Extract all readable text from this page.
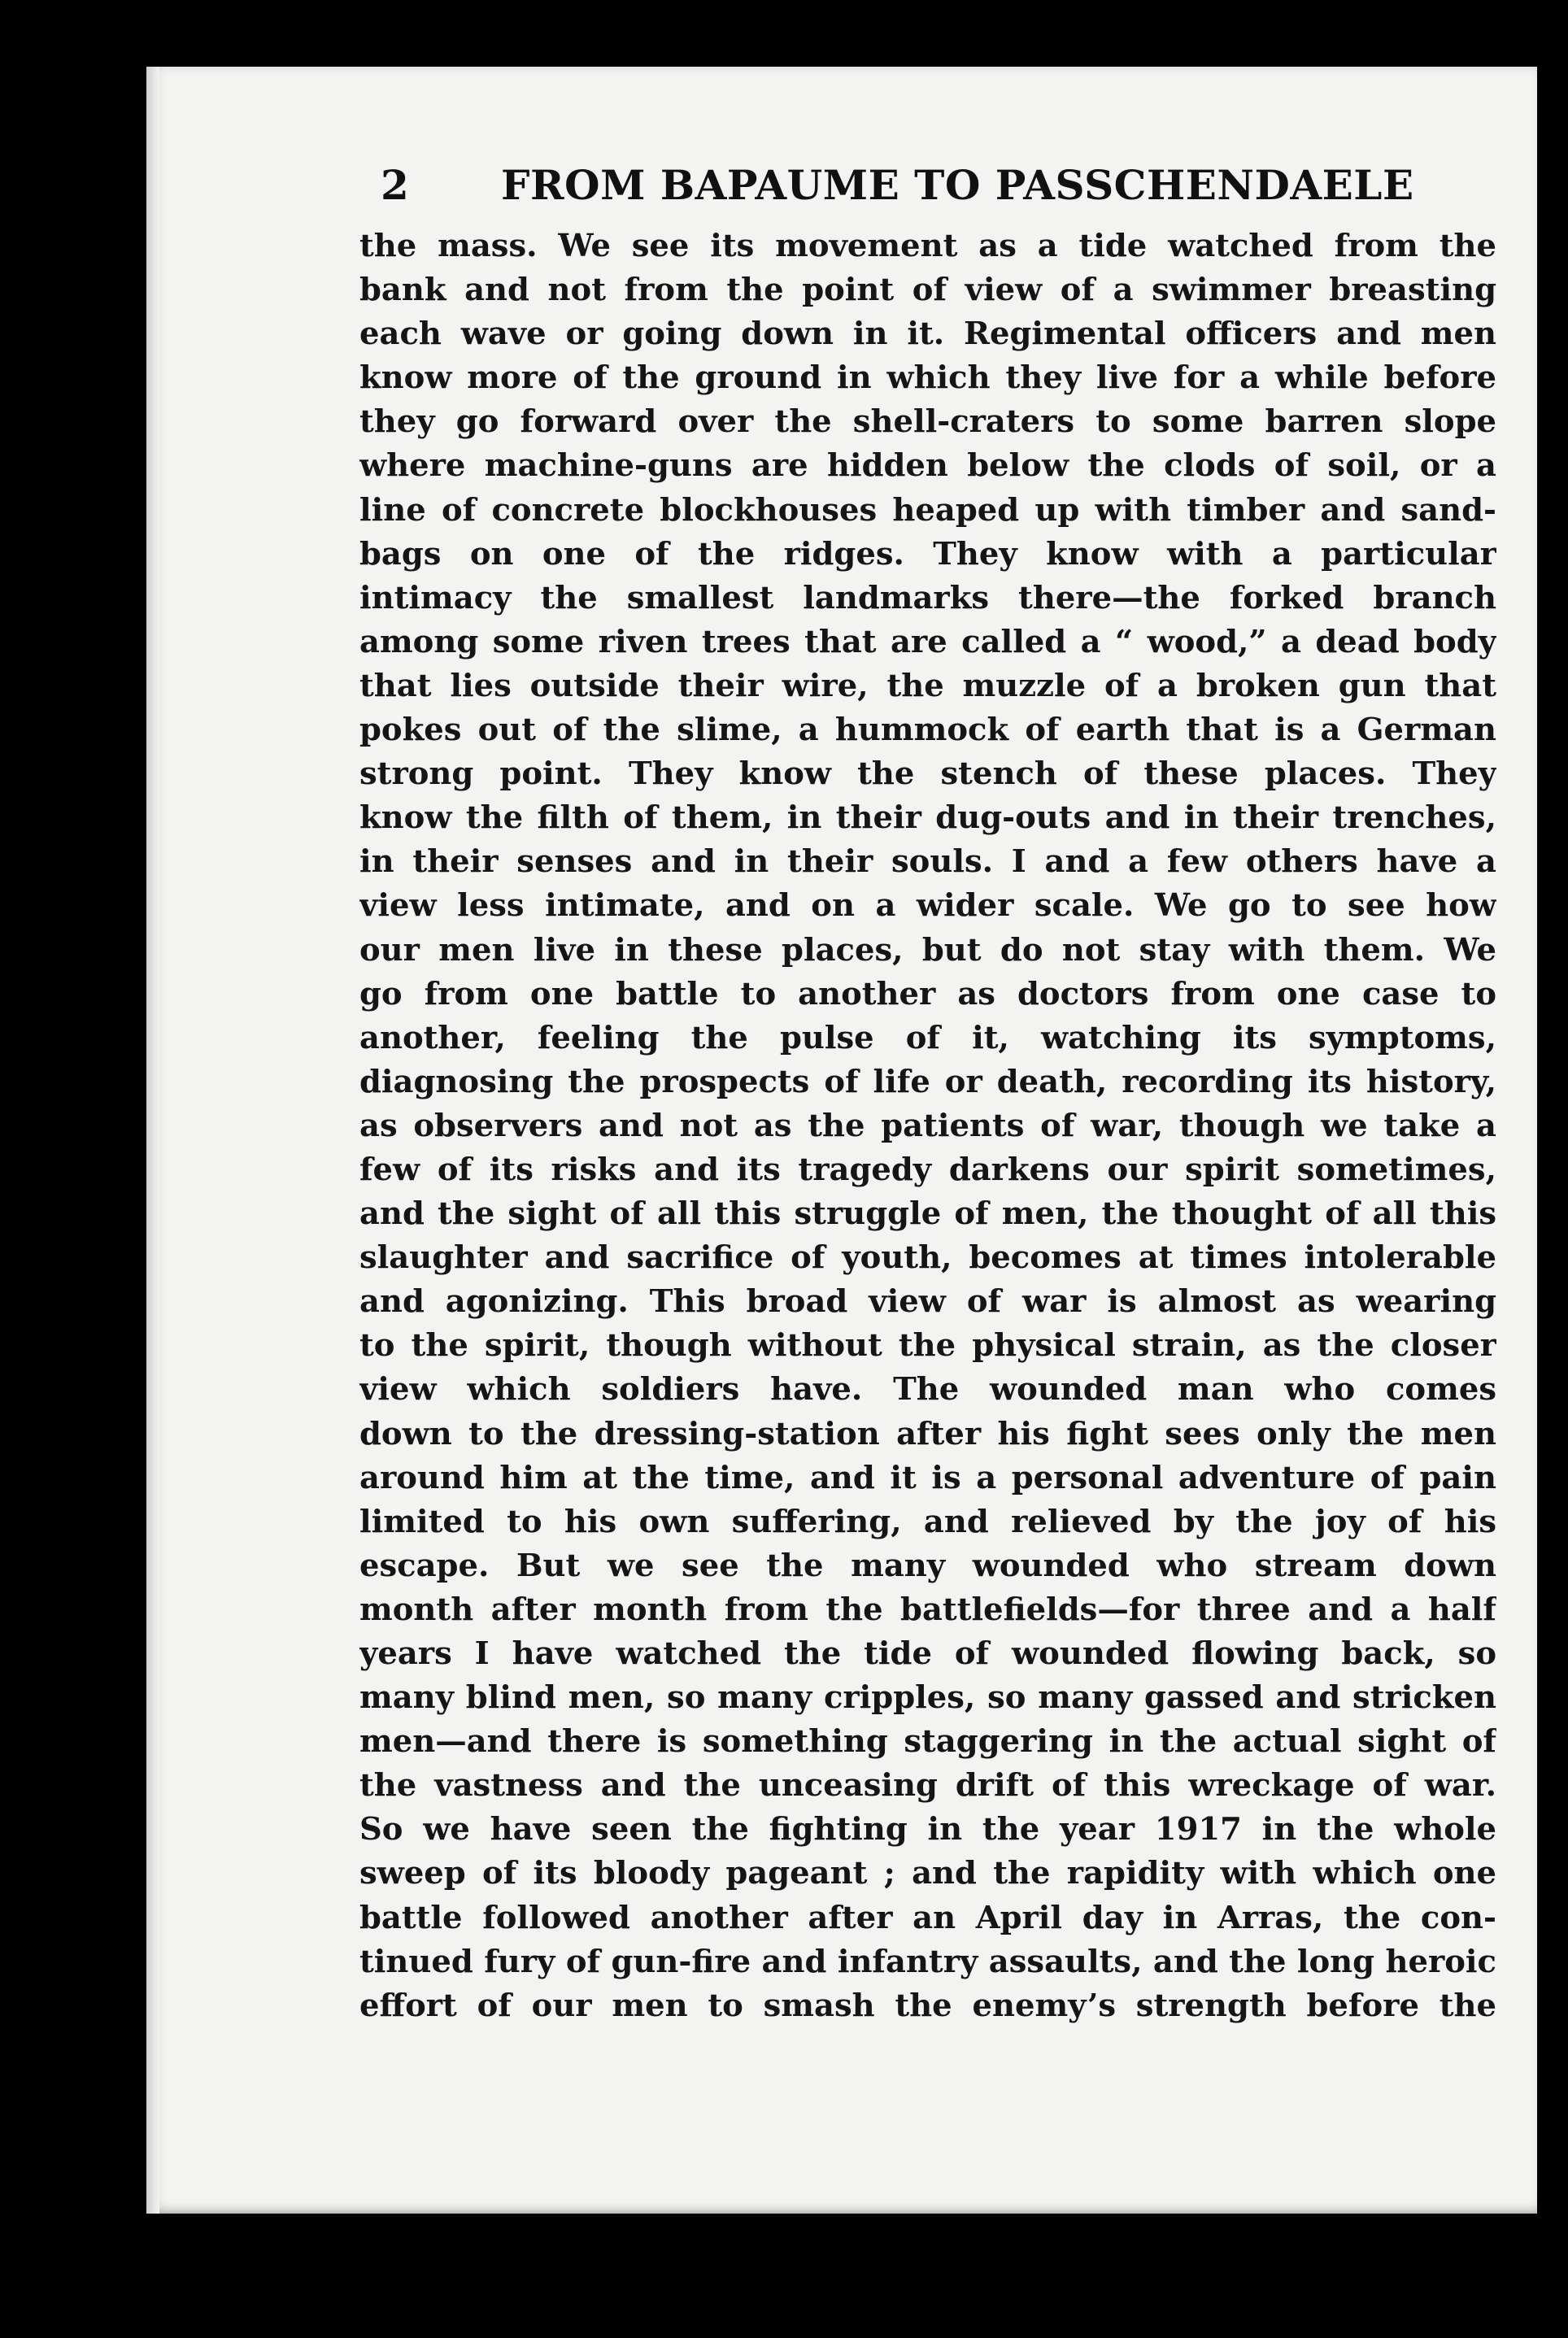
2 FROM BAPAUME TO PASSCHENDAELE
the mass. We see its movement as a tide watched from the
bank and not from the point of view of a swimmer breasting
each wave or going down in it. Regimental officers and men
know more of the ground in which they live for a while before
they go forward over the shell-craters to some barren slope
where machine-guns are hidden below the clods of soil, or a
line of concrete blockhouses heaped up with timber and sand-
bags on one of the ridges. They know with a particular
intimacy the smallest landmarks there—the forked branch
among some riven trees that are called a “ wood,” a dead body
that lies outside their wire, the muzzle of a broken gun that
pokes out of the slime, a hummock of earth that is a German
strong point. They know the stench of these places. They
know the filth of them, in their dug-outs and in their trenches,
in their senses and in their souls. I and a few others have a
view less intimate, and on a wider scale. We go to see how
our men live in these places, but do not stay with them. We
go from one battle to another as doctors from one case to
another, feeling the pulse of it, watching its symptoms,
diagnosing the prospects of life or death, recording its history,
as observers and not as the patients of war, though we take a
few of its risks and its tragedy darkens our spirit sometimes,
and the sight of all this struggle of men, the thought of all this
slaughter and sacrifice of youth, becomes at times intolerable
and agonizing. This broad view of war is almost as wearing
to the spirit, though without the physical strain, as the closer
view which soldiers have. The wounded man who comes
down to the dressing-station after his fight sees only the men
around him at the time, and it is a personal adventure of pain
limited to his own suffering, and relieved by the joy of his
escape. But we see the many wounded who stream down
month after month from the battlefields—for three and a half
years I have watched the tide of wounded flowing back, so
many blind men, so many cripples, so many gassed and stricken
men—and there is something staggering in the actual sight of
the vastness and the unceasing drift of this wreckage of war.
So we have seen the fighting in the year 1917 in the whole
sweep of its bloody pageant ; and the rapidity with which one
battle followed another after an April day in Arras, the con-
tinued fury of gun-fire and infantry assaults, and the long heroic
effort of our men to smash the enemy’s strength before the
